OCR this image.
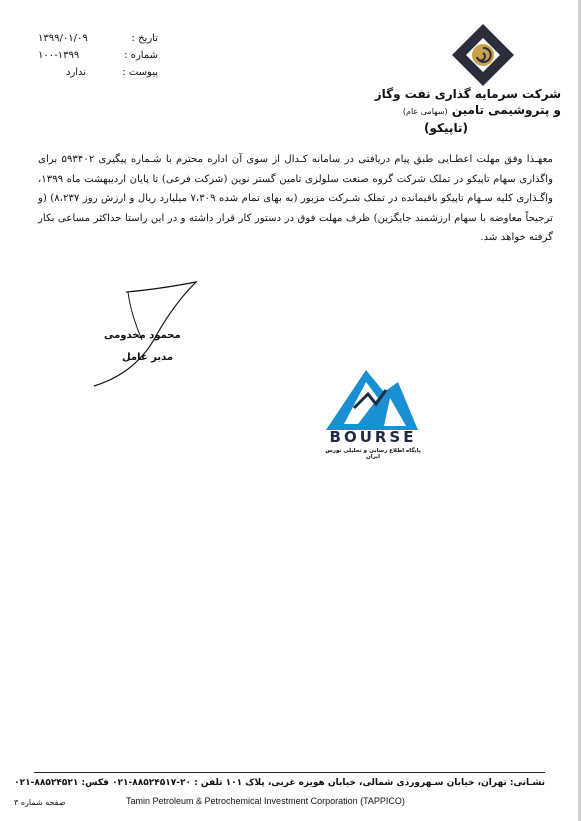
تاریخ :
۱۳۹۹/۰۱/۰۹
شماره :
۱۰۰-۱۳۹۹
پیوست :
ندارد
شرکت سرمایه گذاری نفت وگاز
و پتروشیمی تامین (سهامی عام)
(تاپیکو)
معهـذا وفق مهلت اعطـایی طبق پیام دریافتی در سامانه کـدال از سوی آن اداره محترم با شـماره پیگیری ۵۹۳۴۰۲ برای واگذاری سهام تاپیکو در تملک شرکت گروه صنعت سلولزی تامین گستر نوین (شرکت فرعی) تا پایان اردیبهشت ماه ۱۳۹۹، واگـذاری کلیه سـهام تاپیکو باقیمانده در تملک شـرکت مزبور (به بهای تمام شده ۷،۳۰۹ میلیارد ریال و ارزش روز ۸،۲۳۷) (و ترجیحاً معاوضه با سهام ارزشمند جایگزین) ظرف مهلت فوق در دستور کار قرار داشته و در این راستا حداکثر مساعی بکار گرفته خواهد شد.
محمود مخدومی
مدیر عامل
BOURSE
پایگاه اطلاع رسانی و تحلیلی بورس ایران
نشـانی: تهران، خیابان سـهروردی شمالی، خیابان هویزه غربی، پلاک ۱۰۱ تلفن : ۲۰-۸۸۵۲۴۵۱۷-۰۲۱ فکس: ۸۸۵۲۴۵۲۱-۰۲۱
Tamin Petroleum & Petrochemical Investment Corporation (TAPPICO)
صفحه شماره ۳
